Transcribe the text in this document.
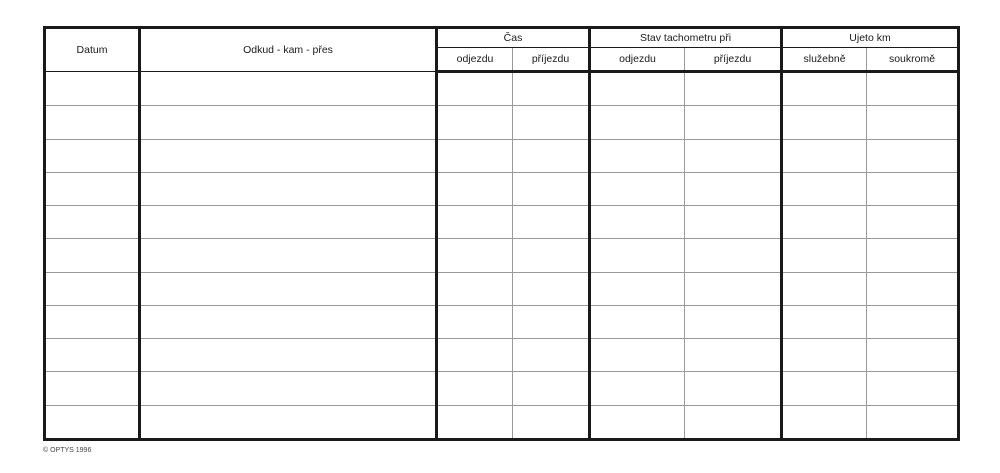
Datum	Odkud - kam - přes	Čas		Stav tachometru při		Ujeto km	
		odjezdu	příjezdu	odjezdu	příjezdu	služebně	soukromě

© OPTYS 1996
